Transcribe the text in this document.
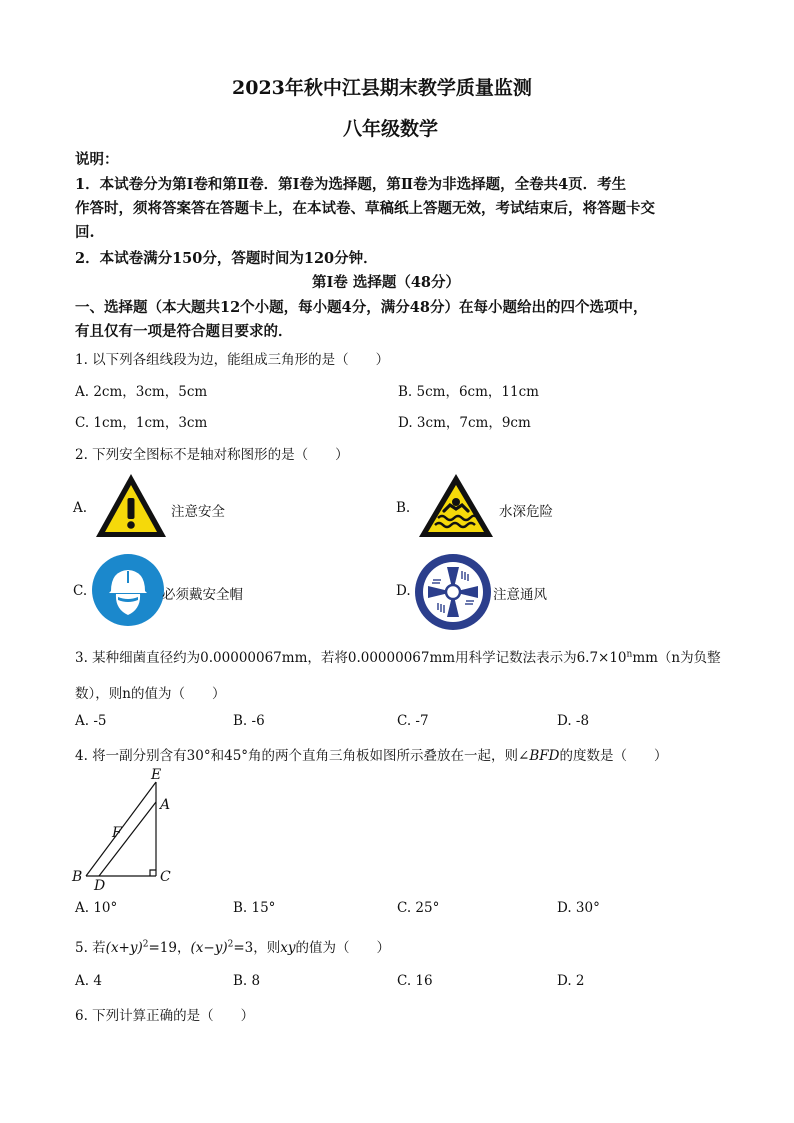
2023年秋中江县期末教学质量监测
八年级数学
说明：
1．本试卷分为第Ⅰ卷和第Ⅱ卷．第Ⅰ卷为选择题，第Ⅱ卷为非选择题，全卷共4页．考生
作答时，须将答案答在答题卡上，在本试卷、草稿纸上答题无效，考试结束后，将答题卡交
回.
2．本试卷满分150分，答题时间为120分钟．
第Ⅰ卷 选择题（48分）
一、选择题（本大题共12个小题，每小题4分，满分48分）在每小题给出的四个选项中，
有且仅有一项是符合题目要求的．
1. 以下列各组线段为边，能组成三角形的是（　　）
A. 2cm，3cm，5cm	B. 5cm，6cm，11cm
C. 1cm，1cm，3cm	D. 3cm，7cm，9cm
2. 下列安全图标不是轴对称图形的是（　　）
A.	注意安全	B.	水深危险
C.	必须戴安全帽	D.	注意通风
3. 某种细菌直径约为0.00000067mm，若将0.00000067mm用科学记数法表示为$6.7\times 10^nmm(n$为负整
数），则n的值为（　　）
A. -5	B. -6	C. -7	D. -8
4. 将一副分别含有30°和45°角的两个直角三角板如图所示叠放在一起，则∠BFD的度数是（　　）
E
A
F
B
D
C
A. 10°	B. 15°	C. 25°	D. 30°
5. 若$(x+y)^2=19$，$(x-y)^2=3$，则xy的值为（　　）
A. 4	B. 8	C. 16	D. 2
6. 下列计算正确的是（　　）
